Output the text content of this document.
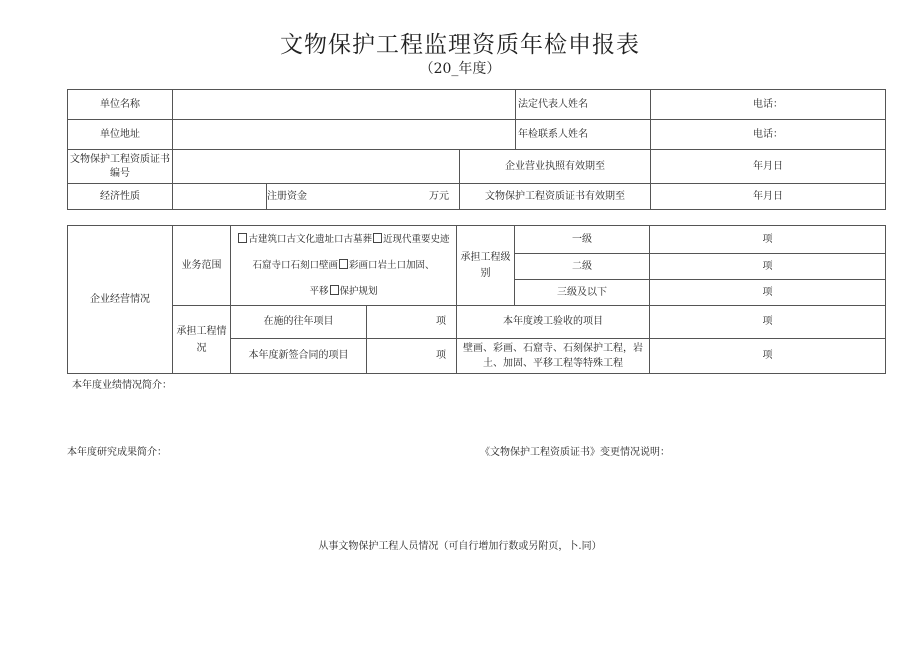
文物保护工程监理资质年检申报表
（20_年度）
单位名称				法定代表人姓名	电话：
单位地址				年检联系人姓名	电话：
文物保护工程资质证书编号			企业营业执照有效期至		年月日
经济性质		注册资金 万元	文物保护工程资质证书有效期至		年月日
企业经营情况	业务范围	古建筑口古文化遗址口古墓葬 近现代重要史迹
石窟寺口石刻口壁画 彩画口岩土口加固、
平移 保护规划		承担工程级别	一级	项
					二级	项
					三级及以下	项
	承担工程情况	在施的往年项目	项	本年度竣工验收的项目		项
		本年度新签合同的项目	项	壁画、彩画、石窟寺、石刻保护工程，岩土、加固、平移工程等特殊工程		项
本年度业绩情况简介：
本年度研究成果简介：	《文物保护工程资质证书》变更情况说明：
从事文物保护工程人员情况（可自行增加行数或另附页，卜.同）
